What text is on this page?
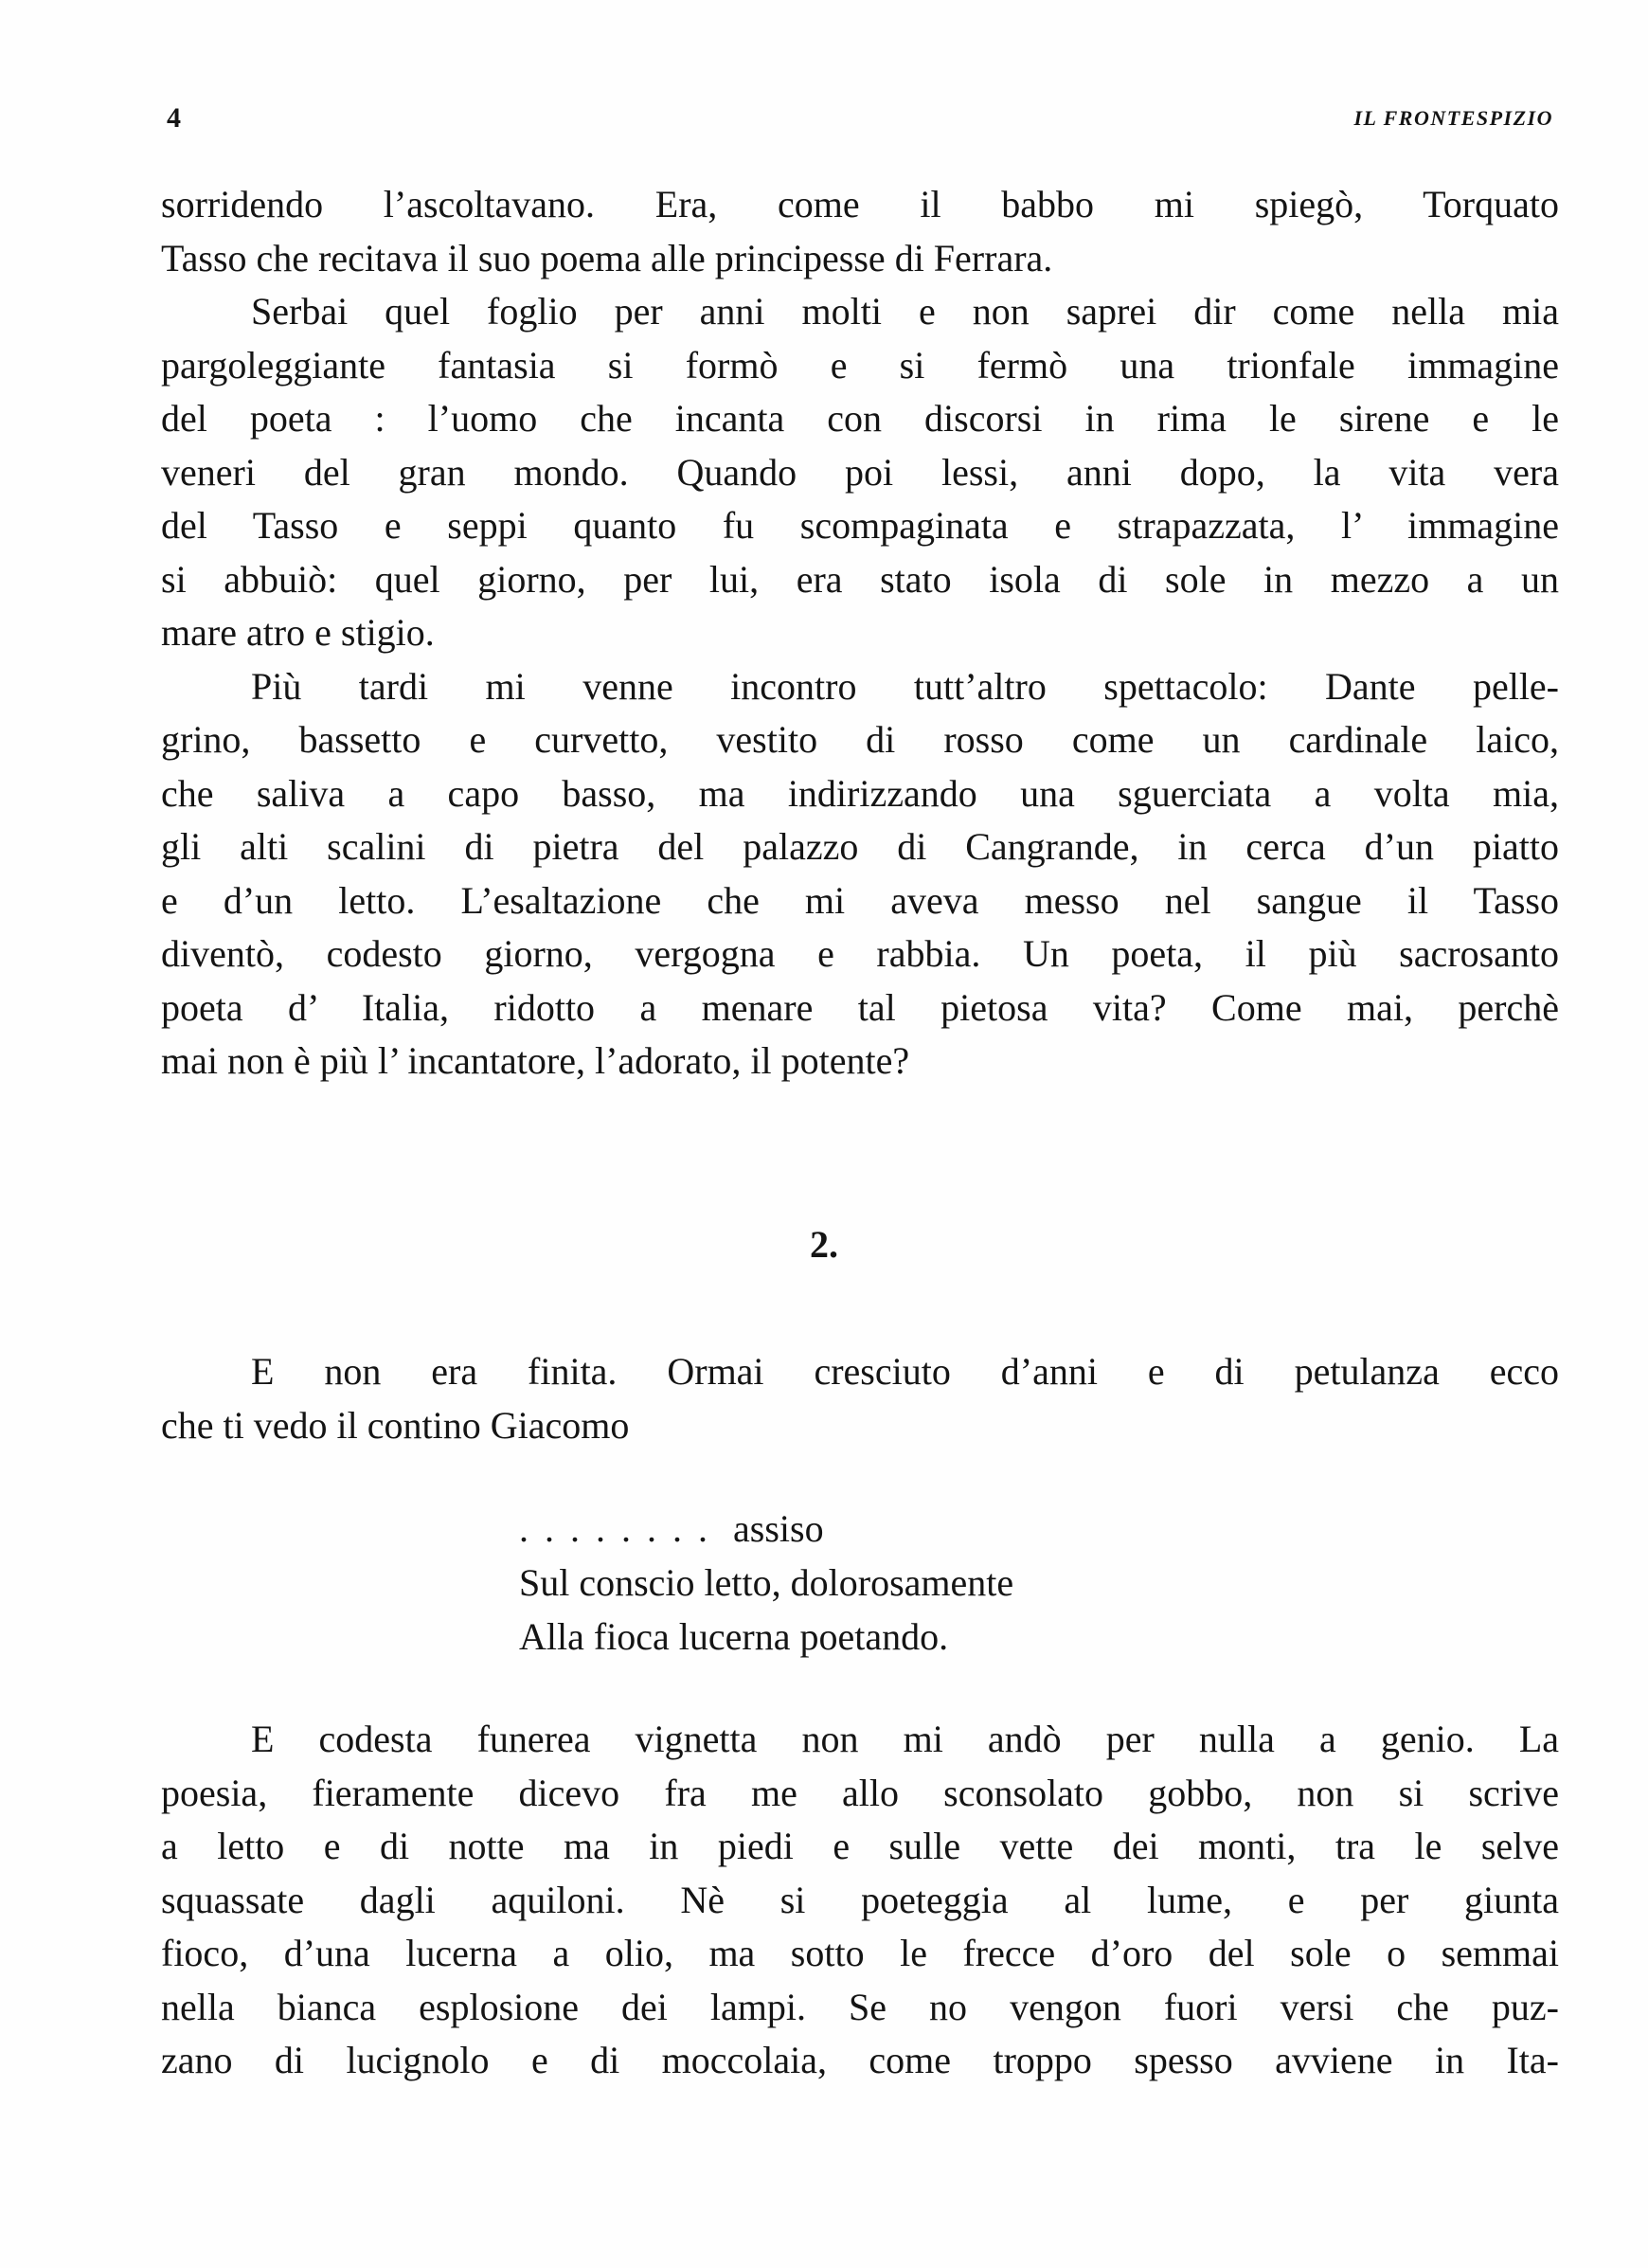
4	IL FRONTESPIZIO
sorridendo l’ascoltavano. Era, come il babbo mi spiegò, Torquato
Tasso che recitava il suo poema alle principesse di Ferrara.
Serbai quel foglio per anni molti e non saprei dir come nella mia
pargoleggiante fantasia si formò e si fermò una trionfale immagine
del poeta : l’uomo che incanta con discorsi in rima le sirene e le
veneri del gran mondo. Quando poi lessi, anni dopo, la vita vera
del Tasso e seppi quanto fu scompaginata e strapazzata, l’ immagine
si abbuiò: quel giorno, per lui, era stato isola di sole in mezzo a un
mare atro e stigio.
Più tardi mi venne incontro tutt’altro spettacolo: Dante pelle-
grino, bassetto e curvetto, vestito di rosso come un cardinale laico,
che saliva a capo basso, ma indirizzando una sguerciata a volta mia,
gli alti scalini di pietra del palazzo di Cangrande, in cerca d’un piatto
e d’un letto. L’esaltazione che mi aveva messo nel sangue il Tasso
diventò, codesto giorno, vergogna e rabbia. Un poeta, il più sacrosanto
poeta d’ Italia, ridotto a menare tal pietosa vita? Come mai, perchè
mai non è più l’ incantatore, l’adorato, il potente?
2.
E non era finita. Ormai cresciuto d’anni e di petulanza ecco
che ti vedo il contino Giacomo
........ assiso
Sul conscio letto, dolorosamente
Alla fioca lucerna poetando.
E codesta funerea vignetta non mi andò per nulla a genio. La
poesia, fieramente dicevo fra me allo sconsolato gobbo, non si scrive
a letto e di notte ma in piedi e sulle vette dei monti, tra le selve
squassate dagli aquiloni. Nè si poeteggia al lume, e per giunta
fioco, d’una lucerna a olio, ma sotto le frecce d’oro del sole o semmai
nella bianca esplosione dei lampi. Se no vengon fuori versi che puz-
zano di lucignolo e di moccolaia, come troppo spesso avviene in Ita-
